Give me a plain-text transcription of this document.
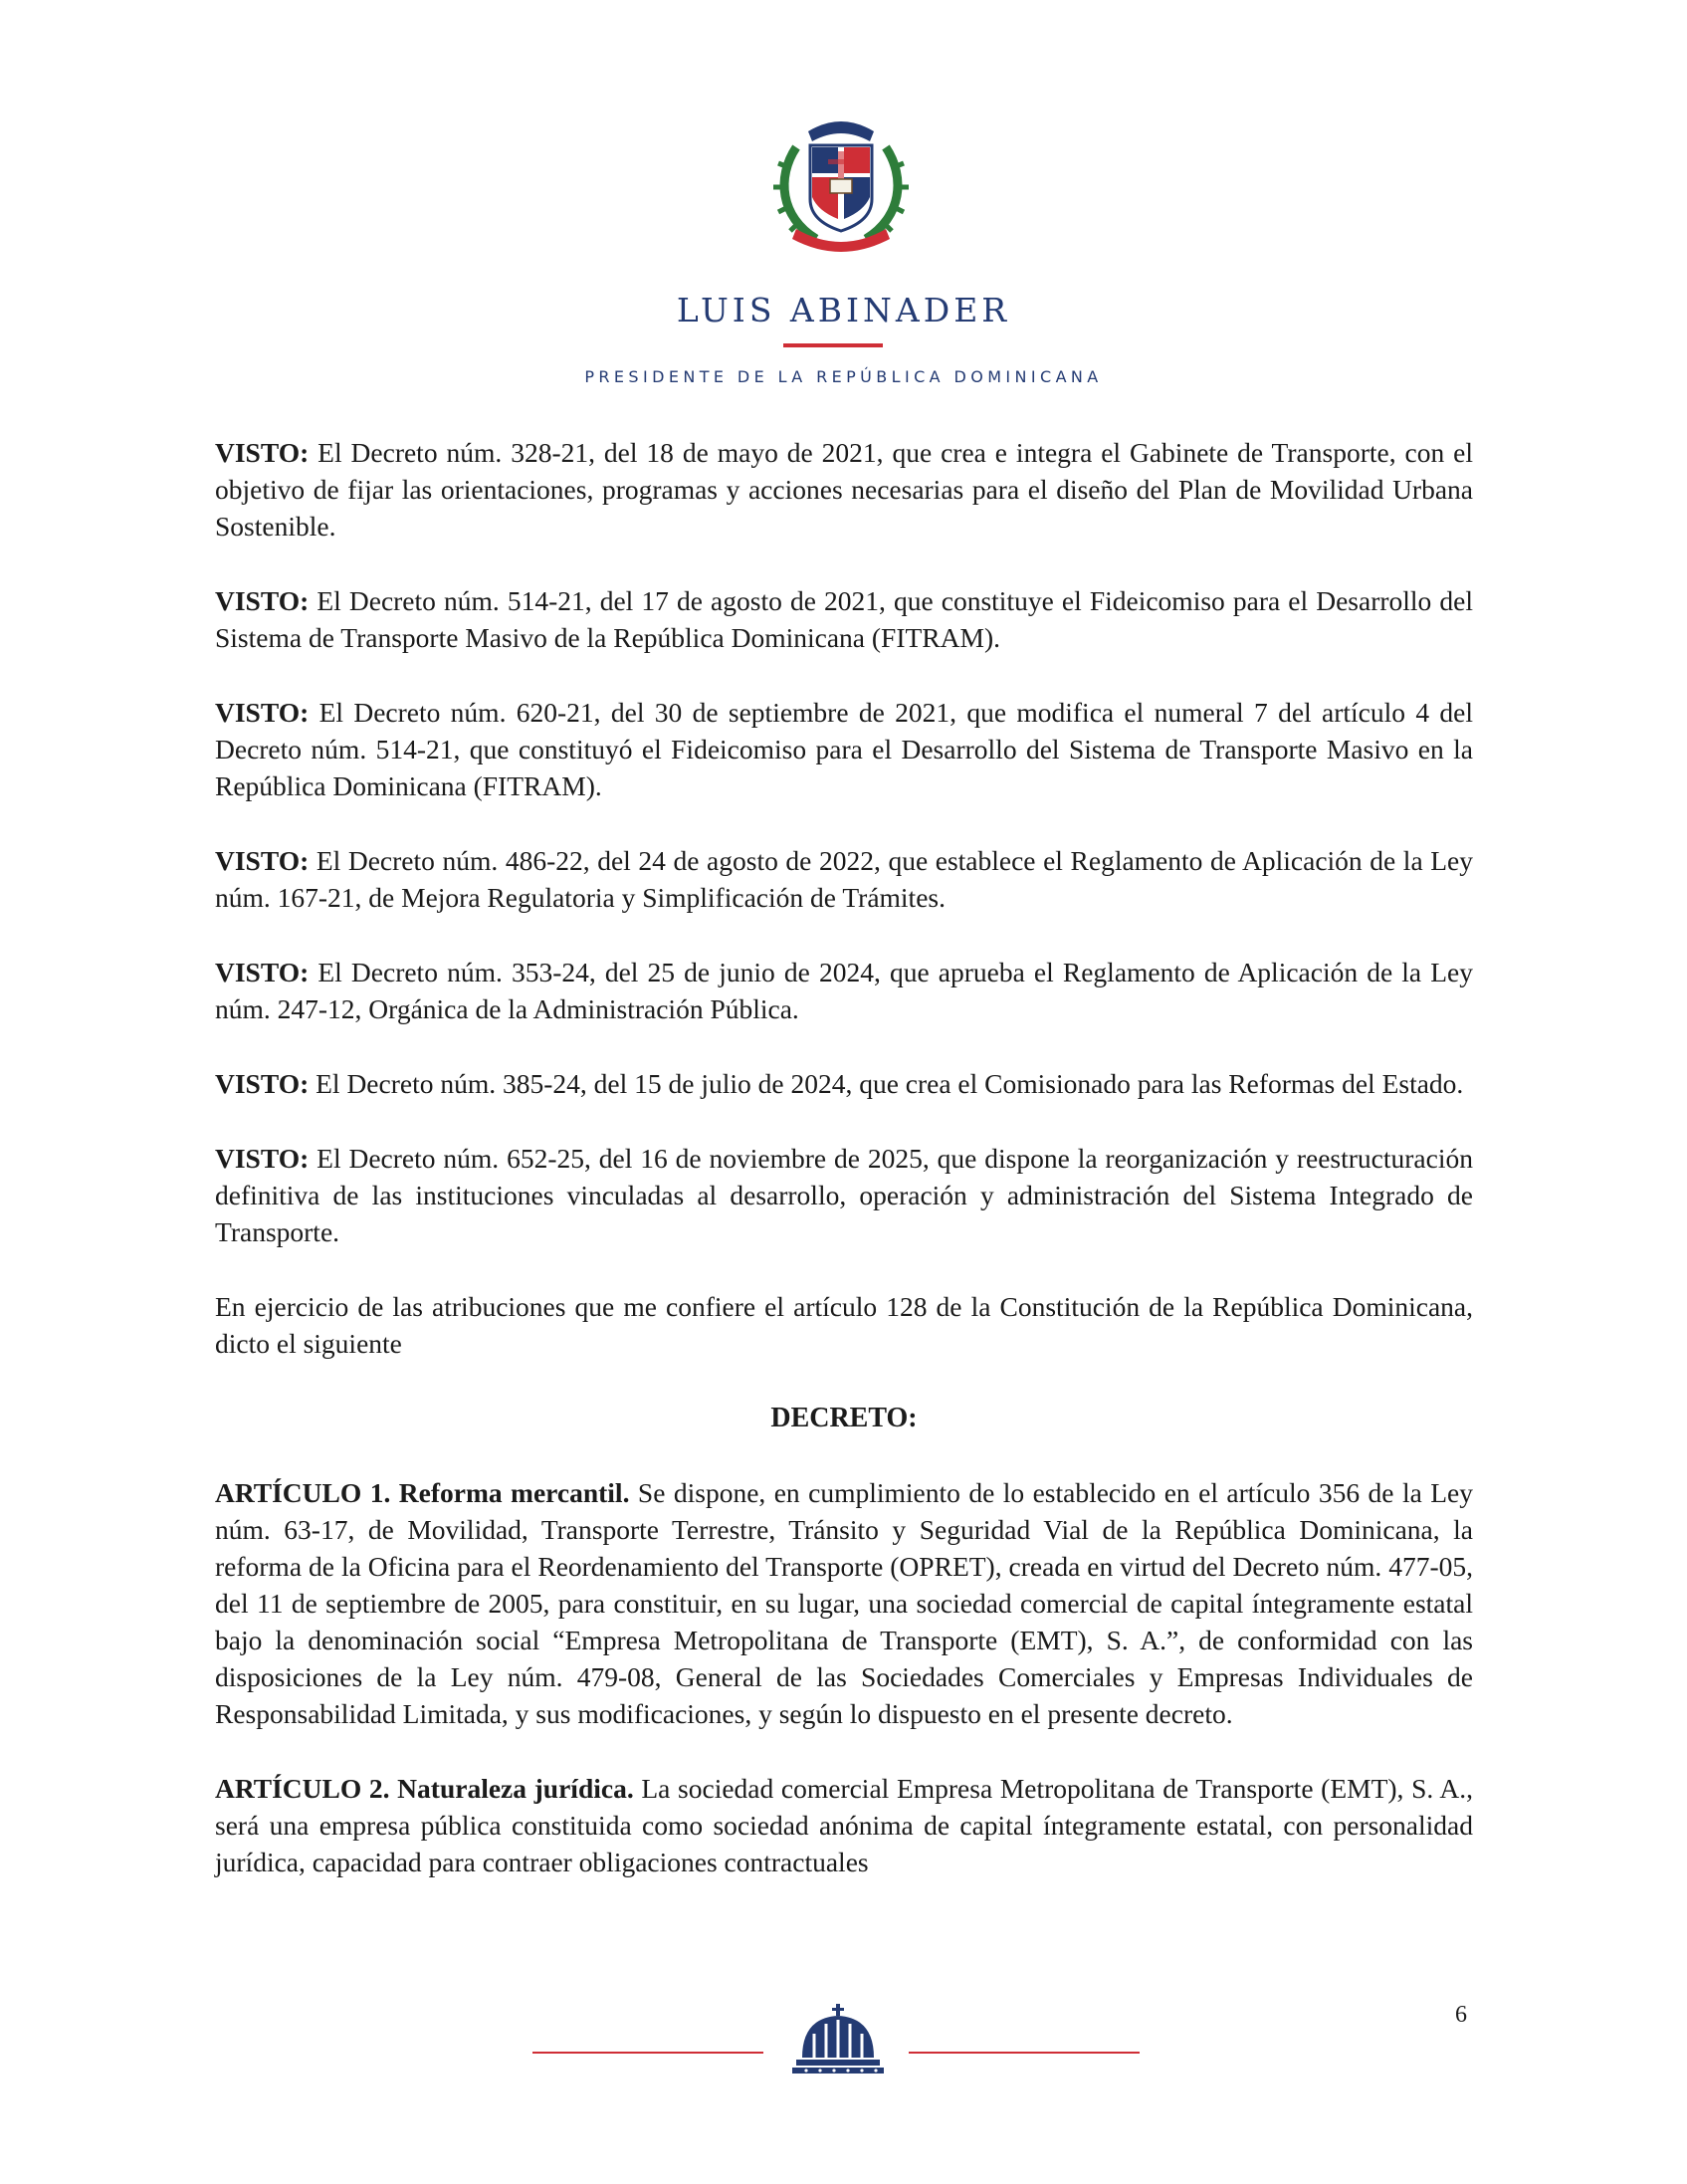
LUIS ABINADER
PRESIDENTE DE LA REPÚBLICA DOMINICANA

VISTO: El Decreto núm. 328-21, del 18 de mayo de 2021, que crea e integra el Gabinete de Transporte, con el objetivo de fijar las orientaciones, programas y acciones necesarias para el diseño del Plan de Movilidad Urbana Sostenible.

VISTO: El Decreto núm. 514-21, del 17 de agosto de 2021, que constituye el Fideicomiso para el Desarrollo del Sistema de Transporte Masivo de la República Dominicana (FITRAM).

VISTO: El Decreto núm. 620-21, del 30 de septiembre de 2021, que modifica el numeral 7 del artículo 4 del Decreto núm. 514-21, que constituyó el Fideicomiso para el Desarrollo del Sistema de Transporte Masivo en la República Dominicana (FITRAM).

VISTO: El Decreto núm. 486-22, del 24 de agosto de 2022, que establece el Reglamento de Aplicación de la Ley núm. 167-21, de Mejora Regulatoria y Simplificación de Trámites.

VISTO: El Decreto núm. 353-24, del 25 de junio de 2024, que aprueba el Reglamento de Aplicación de la Ley núm. 247-12, Orgánica de la Administración Pública.

VISTO: El Decreto núm. 385-24, del 15 de julio de 2024, que crea el Comisionado para las Reformas del Estado.

VISTO: El Decreto núm. 652-25, del 16 de noviembre de 2025, que dispone la reorganización y reestructuración definitiva de las instituciones vinculadas al desarrollo, operación y administración del Sistema Integrado de Transporte.

En ejercicio de las atribuciones que me confiere el artículo 128 de la Constitución de la República Dominicana, dicto el siguiente

DECRETO:

ARTÍCULO 1. Reforma mercantil. Se dispone, en cumplimiento de lo establecido en el artículo 356 de la Ley núm. 63-17, de Movilidad, Transporte Terrestre, Tránsito y Seguridad Vial de la República Dominicana, la reforma de la Oficina para el Reordenamiento del Transporte (OPRET), creada en virtud del Decreto núm. 477-05, del 11 de septiembre de 2005, para constituir, en su lugar, una sociedad comercial de capital íntegramente estatal bajo la denominación social “Empresa Metropolitana de Transporte (EMT), S. A.”, de conformidad con las disposiciones de la Ley núm. 479-08, General de las Sociedades Comerciales y Empresas Individuales de Responsabilidad Limitada, y sus modificaciones, y según lo dispuesto en el presente decreto.

ARTÍCULO 2. Naturaleza jurídica. La sociedad comercial Empresa Metropolitana de Transporte (EMT), S. A., será una empresa pública constituida como sociedad anónima de capital íntegramente estatal, con personalidad jurídica, capacidad para contraer obligaciones contractuales

6
